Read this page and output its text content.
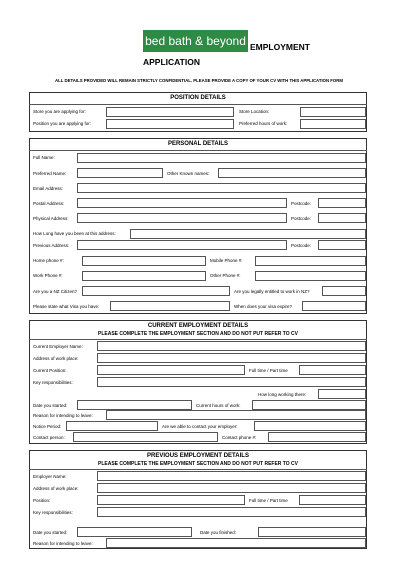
bed bath & beyond EMPLOYMENT
APPLICATION
ALL DETAILS PROVIDED WILL REMAIN STRICTLY CONFIDENTIAL. PLEASE PROVIDE A COPY OF YOUR CV WITH THIS APPLICATION FORM
POSITION DETAILS
Store you are applying for:	Store Location:
Position you are applying for:	Preferred hours of work:
PERSONAL DETAILS
Full Name:
Preferred Name:	Other Known names:
Email Address:
Postal Address:	Postcode:
Physical Address:	Postcode:
How Long have you been at this address:
Previous Address:	Postcode:
Home phone #:	Mobile Phone #:
Work Phone #:	Other Phone #:
Are you a NZ Citizen?	Are you legally entitled to work in NZ?
Please state what Visa you have:	When does your visa expire?
CURRENT EMPLOYMENT DETAILS
PLEASE COMPLETE THE EMPLOYMENT SECTION AND DO NOT PUT REFER TO CV
Current Employer Name:
Address of work place:
Current Position:	Full time / Part time
Key responsibilities:
How long working there:
Date you started:	Current hours of work:
Reason for intending to leave:
Notice Period:	Are we able to contact your employer:
Contact person:	Contact phone #:
PREVIOUS EMPLOYMENT DETAILS
PLEASE COMPLETE THE EMPLOYMENT SECTION AND DO NOT PUT REFER TO CV
Employer Name:
Address of work place:
Position:	Full time / Part time
Key responsibilities:
Date you started:	Date you finished:
Reason for intending to leave:
